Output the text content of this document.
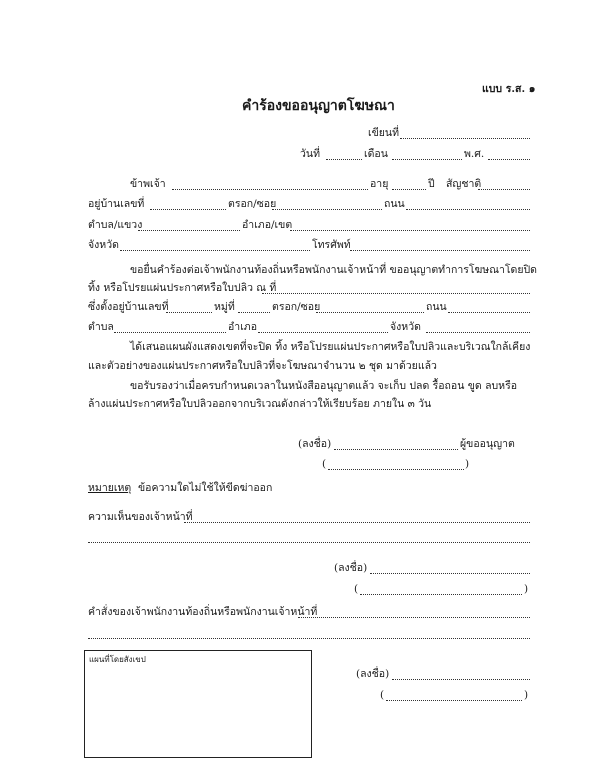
แบบ ร.ส. ๑
คำร้องขออนุญาตโฆษณา
เขียนที่
วันที่	เดือน	พ.ศ.
ข้าพเจ้า	อายุ	ปี สัญชาติ
อยู่บ้านเลขที่	ตรอก/ซอย	ถนน
ตำบล/แขวง	อำเภอ/เขต
จังหวัด	โทรศัพท์
ขอยื่นคำร้องต่อเจ้าพนักงานท้องถิ่นหรือพนักงานเจ้าหน้าที่ ขออนุญาตทำการโฆษณาโดยปิด
ทิ้ง หรือโปรยแผ่นประกาศหรือใบปลิว ณ ที่
ซึ่งตั้งอยู่บ้านเลขที่	หมู่ที่	ตรอก/ซอย	ถนน
ตำบล	อำเภอ	จังหวัด
ได้เสนอแผนผังแสดงเขตที่จะปิด ทิ้ง หรือโปรยแผ่นประกาศหรือใบปลิวและบริเวณใกล้เคียง
และตัวอย่างของแผ่นประกาศหรือใบปลิวที่จะโฆษณาจำนวน ๒ ชุด มาด้วยแล้ว
ขอรับรองว่าเมื่อครบกำหนดเวลาในหนังสืออนุญาตแล้ว จะเก็บ ปลด รื้อถอน ขูด ลบหรือ
ล้างแผ่นประกาศหรือใบปลิวออกจากบริเวณดังกล่าวให้เรียบร้อย ภายใน ๓ วัน
(ลงชื่อ)	ผู้ขออนุญาต
(	)
หมายเหตุ ข้อความใดไม่ใช้ให้ขีดฆ่าออก
ความเห็นของเจ้าหน้าที่
(ลงชื่อ)
(	)
คำสั่งของเจ้าพนักงานท้องถิ่นหรือพนักงานเจ้าหน้าที่
แผนที่โดยสังเขป
(ลงชื่อ)
(	)
